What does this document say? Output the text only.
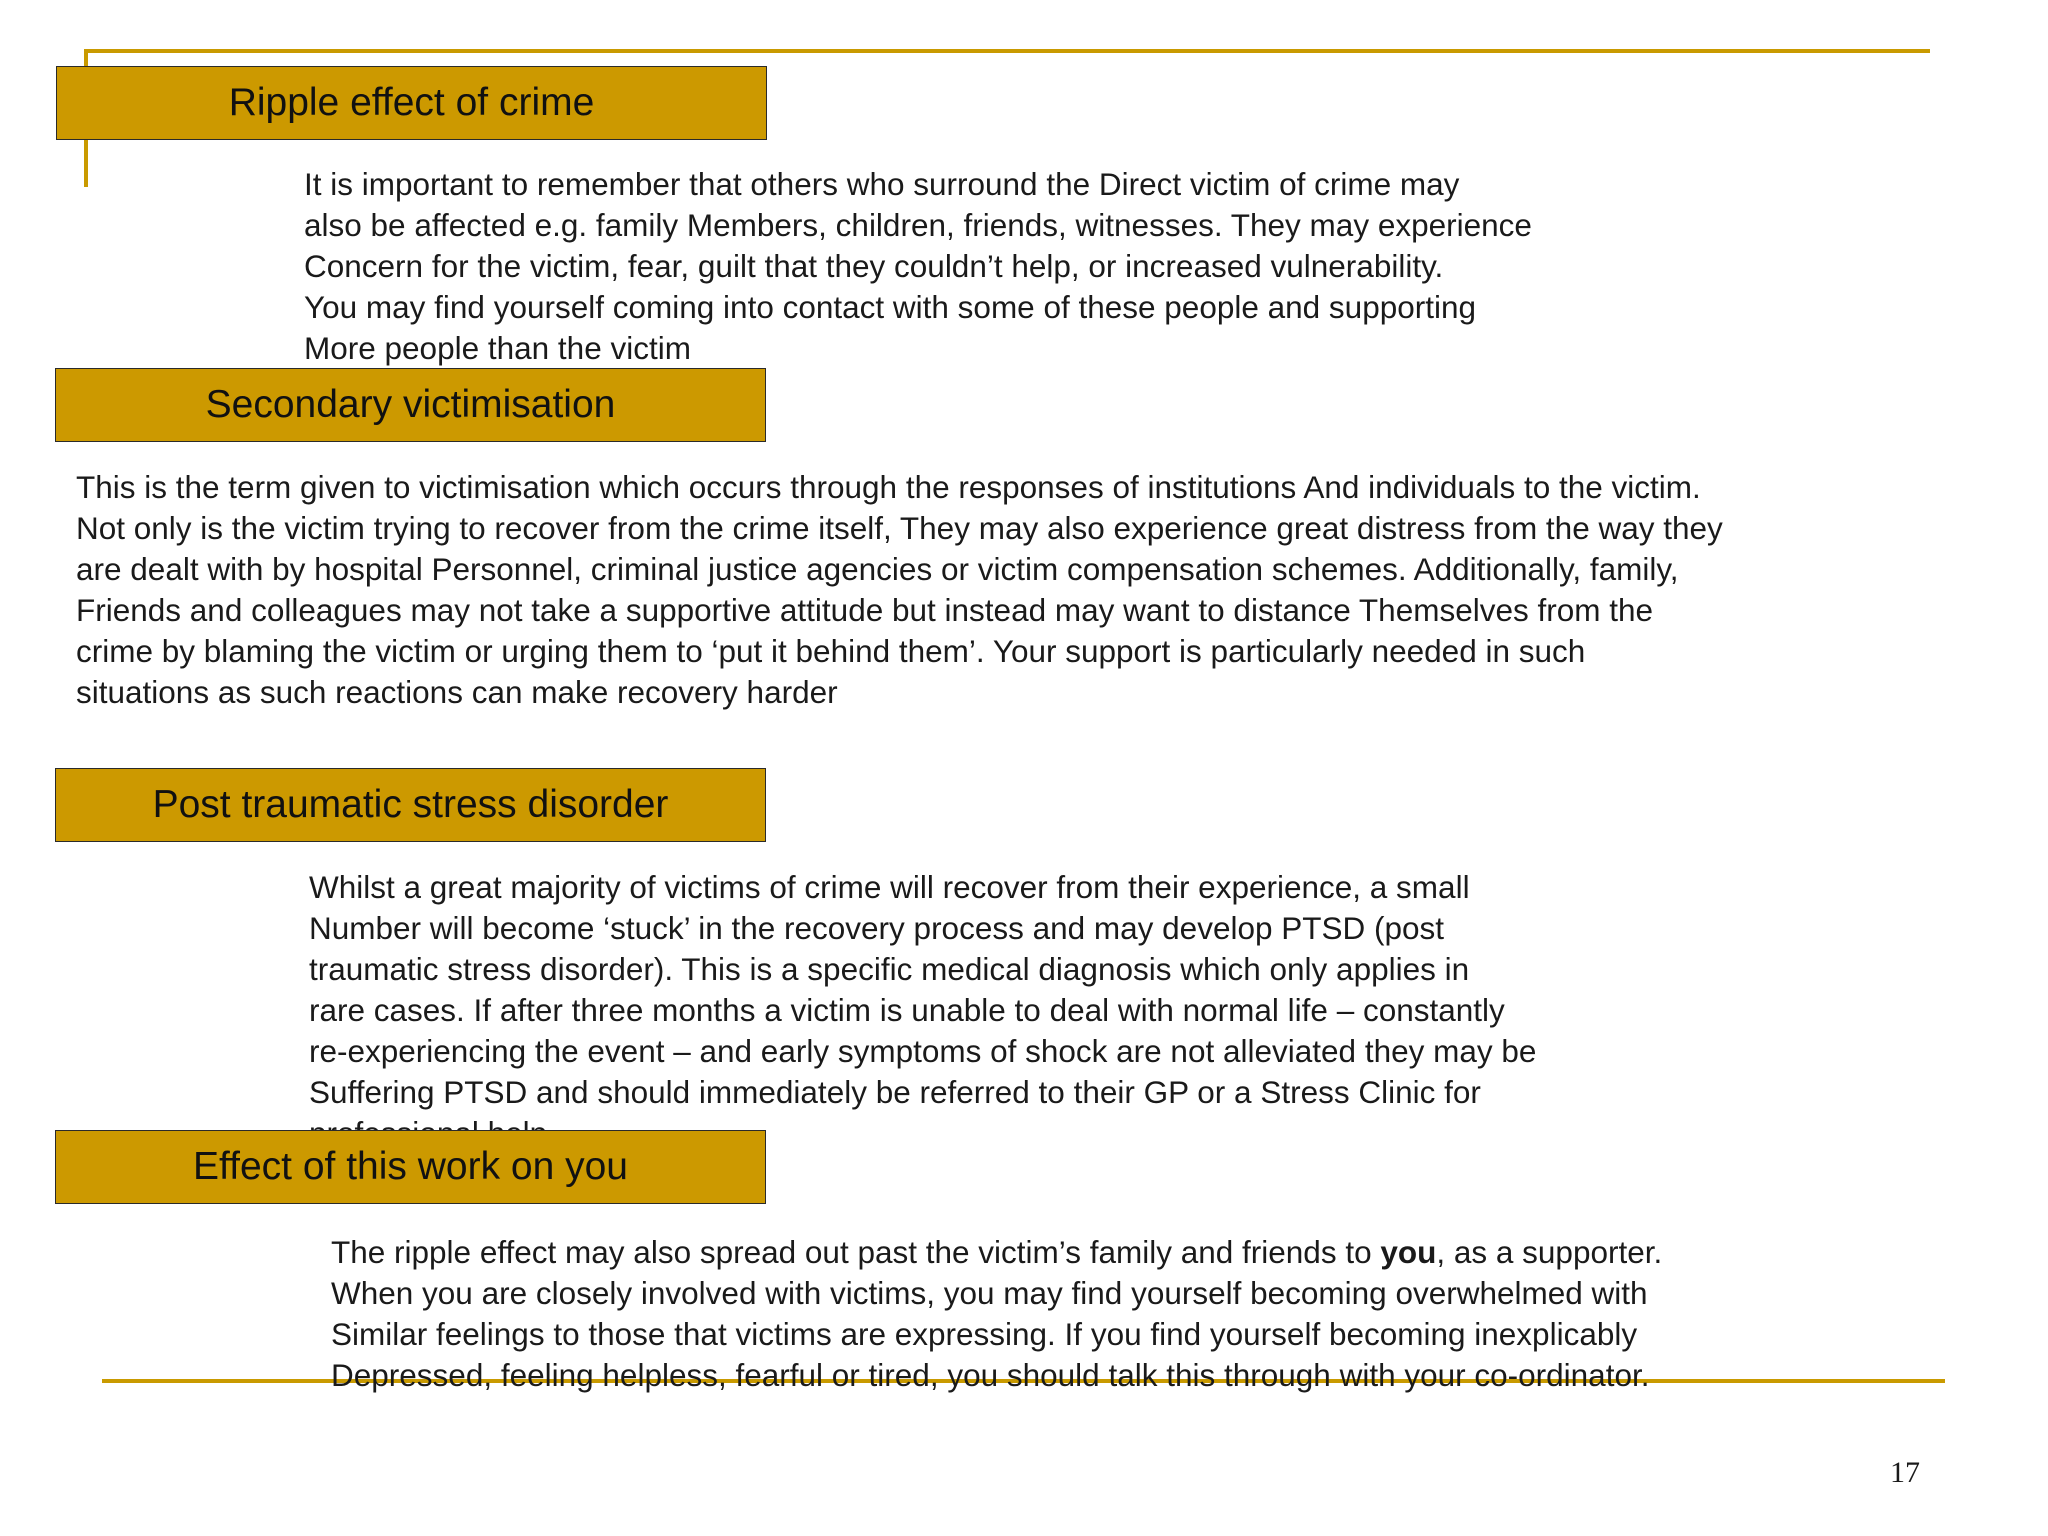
Ripple effect of crime
It is important to remember that others who surround the Direct victim of crime may
also be affected e.g. family Members, children, friends, witnesses. They may experience
Concern for the victim, fear, guilt that they couldn’t help, or increased vulnerability.
You may find yourself coming into contact with some of these people and supporting
More people than the victim
Secondary victimisation
This is the term given to victimisation which occurs through the responses of institutions And individuals to the victim.
Not only is the victim trying to recover from the crime itself, They may also experience great distress from the way they
are dealt with by hospital Personnel, criminal justice agencies or victim compensation schemes. Additionally, family,
Friends and colleagues may not take a supportive attitude but instead may want to distance Themselves from the
crime by blaming the victim or urging them to ‘put it behind them’. Your support is particularly needed in such
situations as such reactions can make recovery harder
Post traumatic stress disorder
Whilst a great majority of victims of crime will recover from their experience, a small
Number will become ‘stuck’ in the recovery process and may develop PTSD (post
traumatic stress disorder). This is a specific medical diagnosis which only applies in
rare cases. If after three months a victim is unable to deal with normal life – constantly
re-experiencing the event – and early symptoms of shock are not alleviated they may be
Suffering PTSD and should immediately be referred to their GP or a Stress Clinic for
Effect of this work on you
The ripple effect may also spread out past the victim’s family and friends to you, as a supporter.
When you are closely involved with victims, you may find yourself becoming overwhelmed with
Similar feelings to those that victims are expressing. If you find yourself becoming inexplicably
Depressed, feeling helpless, fearful or tired, you should talk this through with your co-ordinator.
17
